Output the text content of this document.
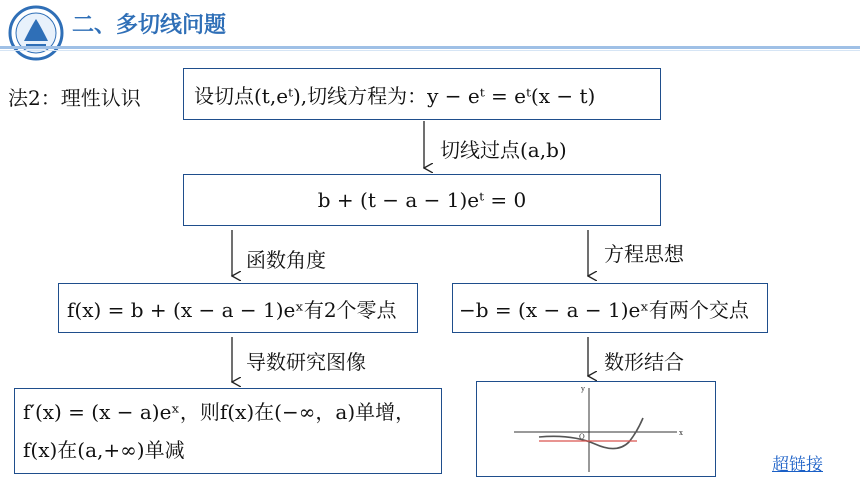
二、多切线问题
法2：理性认识	设切点(t,eᵗ),切线方程为：y − eᵗ = eᵗ(x − t)
切线过点(a,b)
b + (t − a − 1)eᵗ = 0
函数角度
f(x) = b + (x − a − 1)eˣ有2个零点
导数研究图像
f′(x) = (x − a)eˣ，则f(x)在(−∞，a)单增，
f(x)在(a,+∞)单减
方程思想
−b = (x − a − 1)eˣ有两个交点
数形结合
y
x
O
超链接
